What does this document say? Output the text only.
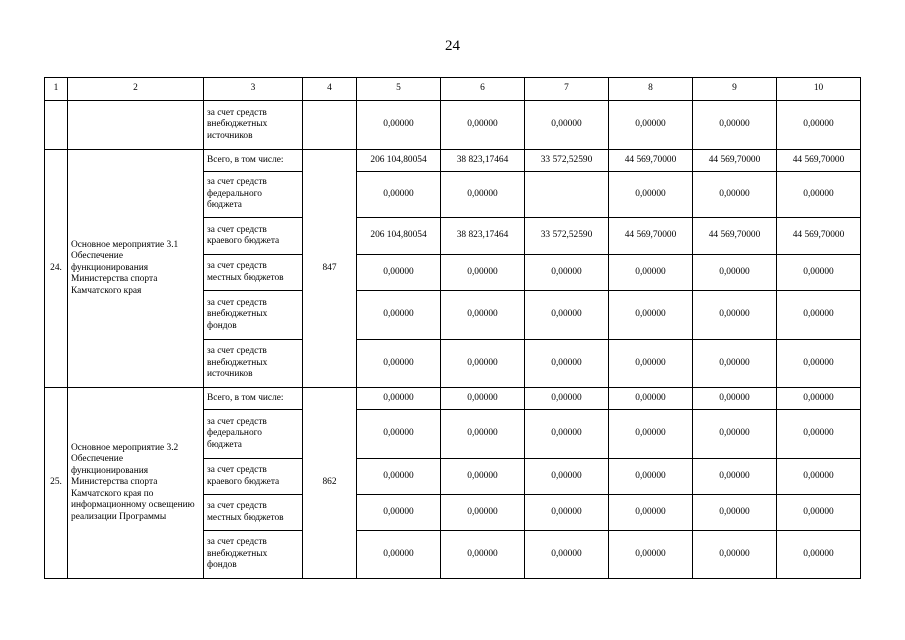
24
1	2	3	4	5	6	7	8	9	10
		за счет средств внебюджетных источников		0,00000	0,00000	0,00000	0,00000	0,00000	0,00000
24.	Основное мероприятие 3.1 Обеспечение функционирования Министерства спорта Камчатского края	Всего, в том числе:	847	206 104,80054	38 823,17464	33 572,52590	44 569,70000	44 569,70000	44 569,70000
		за счет средств федерального бюджета		0,00000	0,00000		0,00000	0,00000	0,00000
		за счет средств краевого бюджета		206 104,80054	38 823,17464	33 572,52590	44 569,70000	44 569,70000	44 569,70000
		за счет средств местных бюджетов		0,00000	0,00000	0,00000	0,00000	0,00000	0,00000
		за счет средств внебюджетных фондов		0,00000	0,00000	0,00000	0,00000	0,00000	0,00000
		за счет средств внебюджетных источников		0,00000	0,00000	0,00000	0,00000	0,00000	0,00000
25.	Основное мероприятие 3.2 Обеспечение функционирования Министерства спорта Камчатского края по информационному освещению реализации Программы	Всего, в том числе:	862	0,00000	0,00000	0,00000	0,00000	0,00000	0,00000
		за счет средств федерального бюджета		0,00000	0,00000	0,00000	0,00000	0,00000	0,00000
		за счет средств краевого бюджета		0,00000	0,00000	0,00000	0,00000	0,00000	0,00000
		за счет средств местных бюджетов		0,00000	0,00000	0,00000	0,00000	0,00000	0,00000
		за счет средств внебюджетных фондов		0,00000	0,00000	0,00000	0,00000	0,00000	0,00000
